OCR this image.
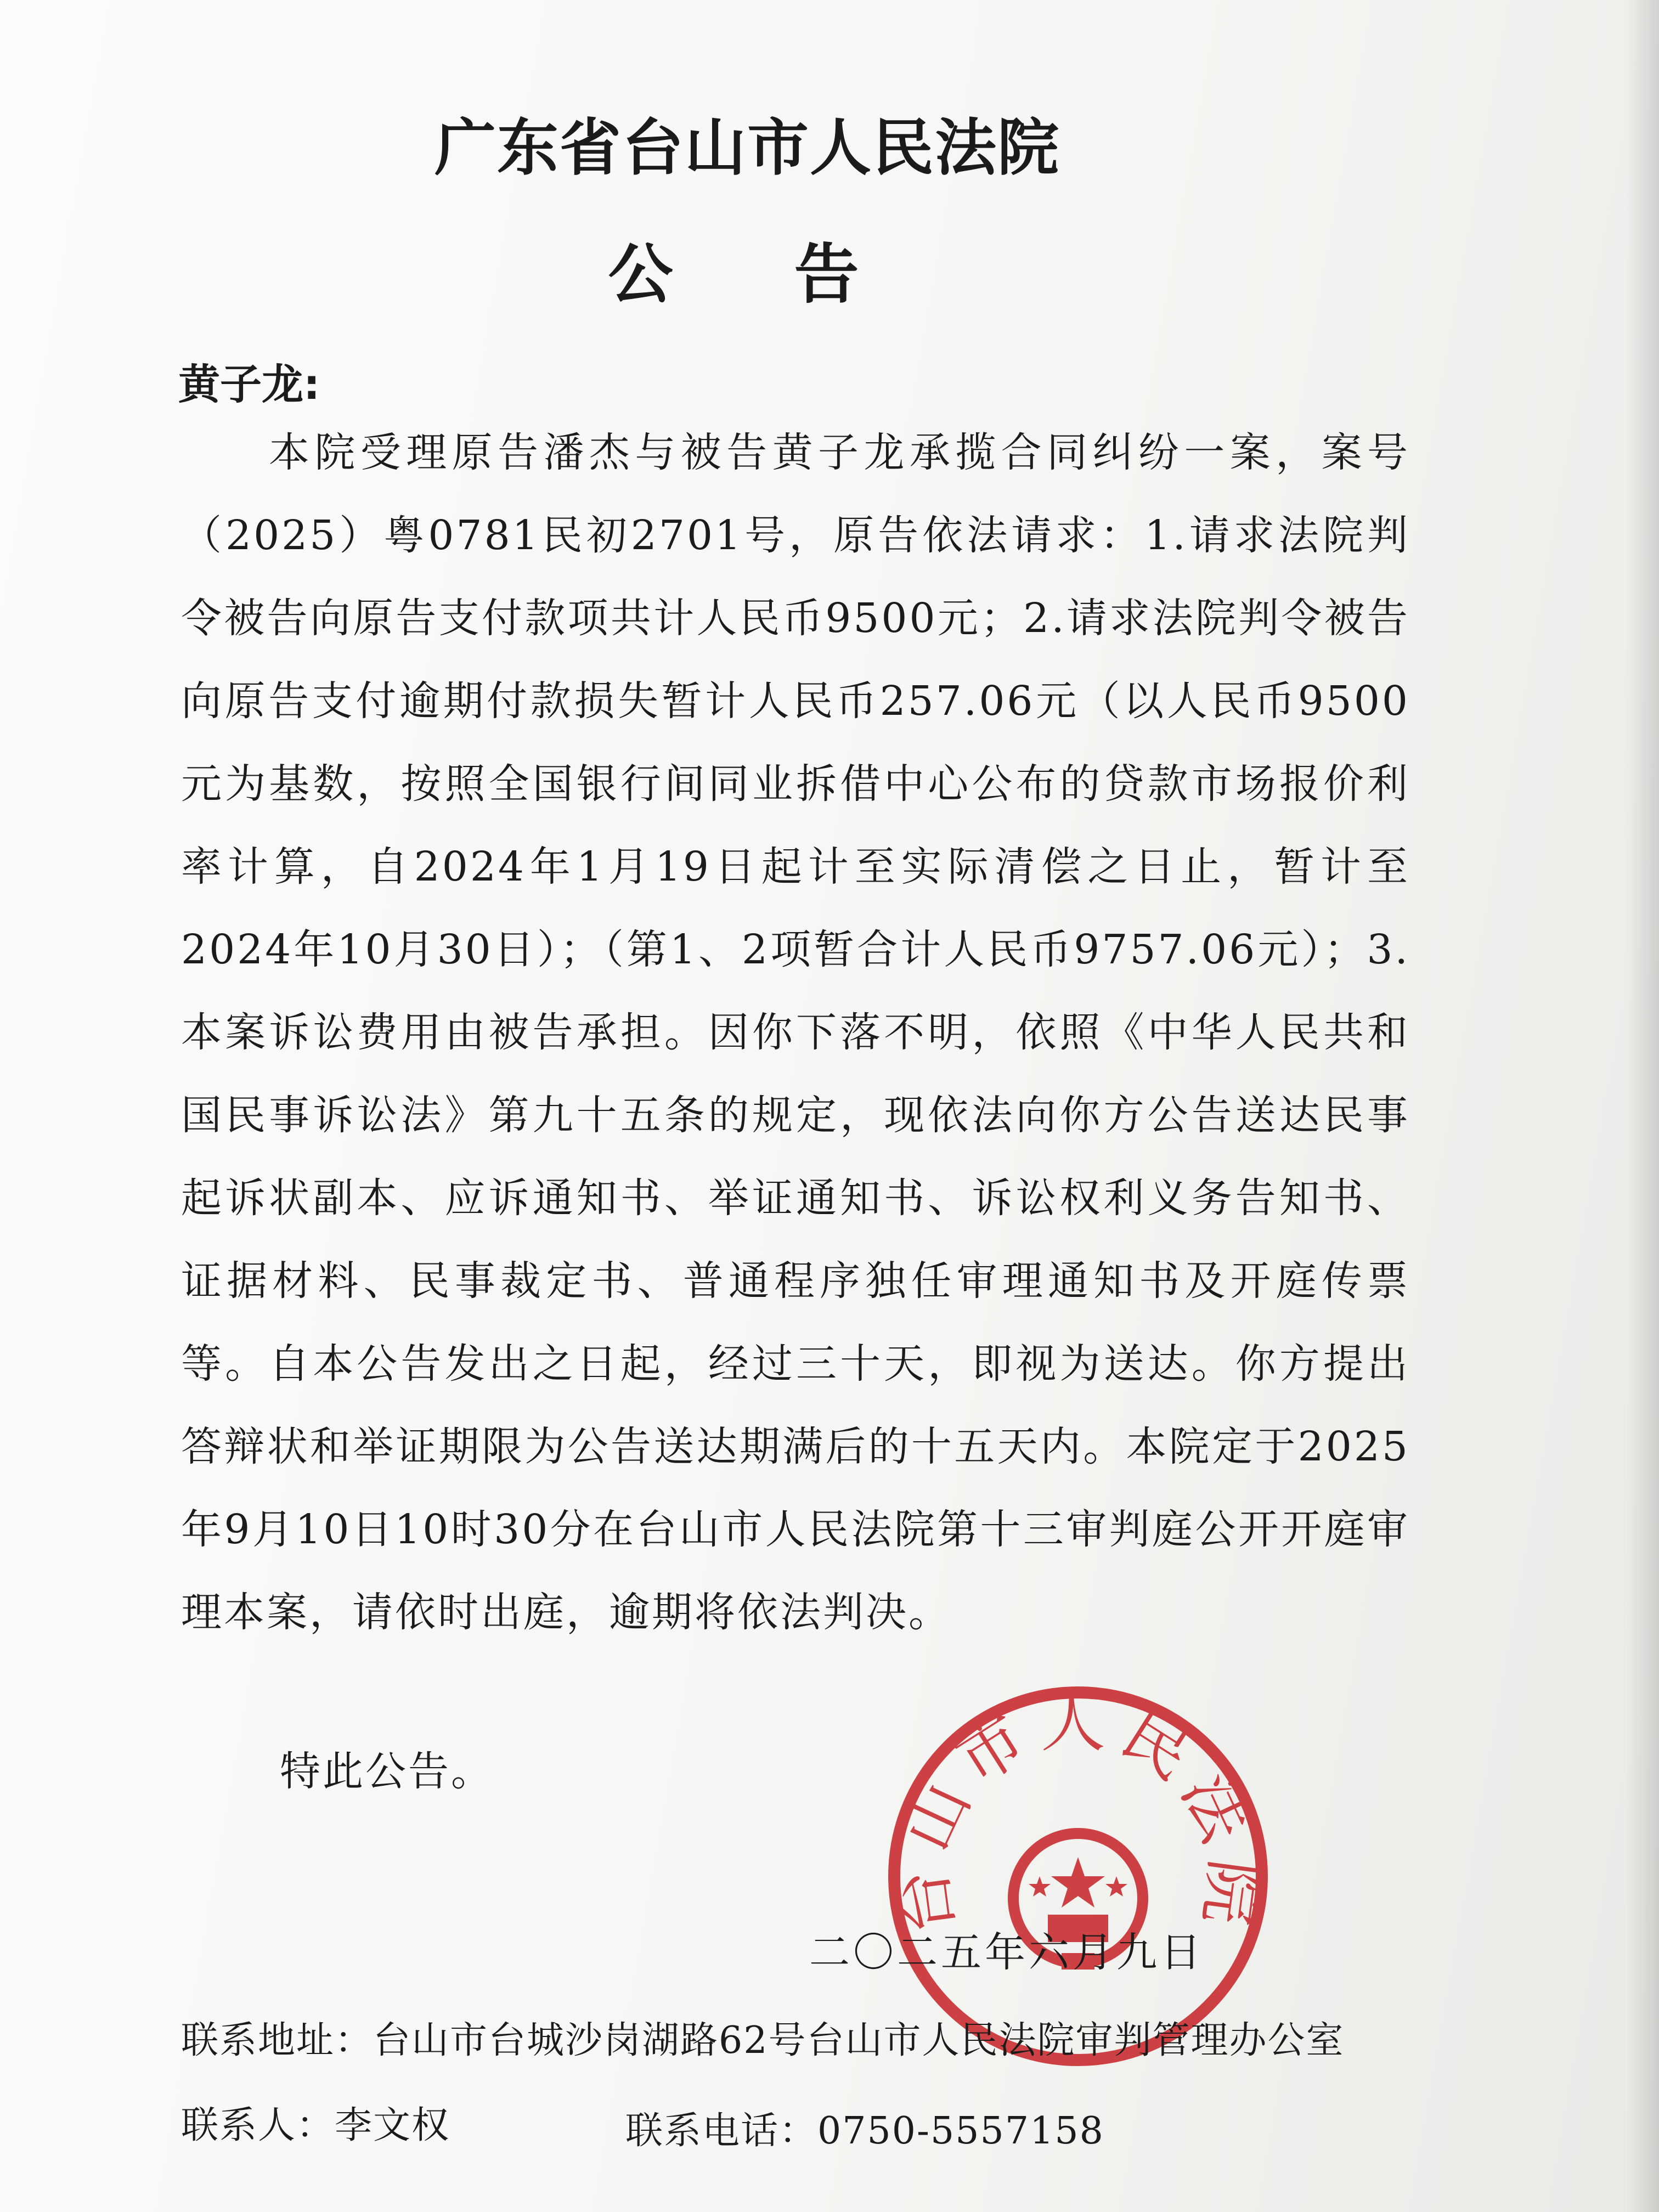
广东省台山市人民法院
公 告
黄子龙:
本院受理原告潘杰与被告黄子龙承揽合同纠纷一案，案号（2025）粤0781民初2701号，原告依法请求：1.请求法院判令被告向原告支付款项共计人民币9500元；2.请求法院判令被告向原告支付逾期付款损失暂计人民币257.06元（以人民币9500元为基数，按照全国银行间同业拆借中心公布的贷款市场报价利率计算，自2024年1月19日起计至实际清偿之日止，暂计至2024年10月30日）；（第1、2项暂合计人民币9757.06元）；3.本案诉讼费用由被告承担。因你下落不明，依照《中华人民共和国民事诉讼法》第九十五条的规定，现依法向你方公告送达民事起诉状副本、应诉通知书、举证通知书、诉讼权利义务告知书、证据材料、民事裁定书、普通程序独任审理通知书及开庭传票等。自本公告发出之日起，经过三十天，即视为送达。你方提出答辩状和举证期限为公告送达期满后的十五天内。本院定于2025年9月10日10时30分在台山市人民法院第十三审判庭公开开庭审理本案，请依时出庭，逾期将依法判决。
特此公告。
台山市人民法院
二〇二五年六月九日
联系地址：台山市台城沙岗湖路62号台山市人民法院审判管理办公室
联系人：李文权	联系电话：0750-5557158
